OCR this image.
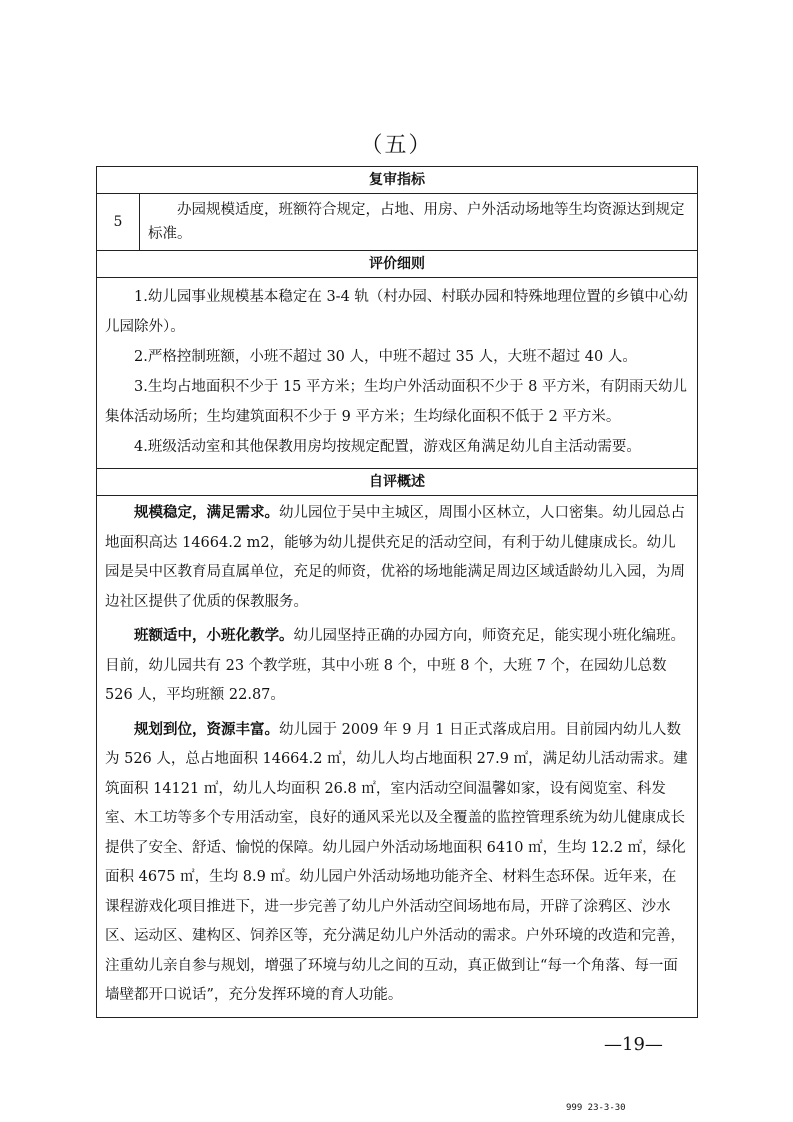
（五）
复审指标
5
办园规模适度，班额符合规定，占地、用房、户外活动场地等生均资源达到规定标准。
评价细则

1.幼儿园事业规模基本稳定在 3-4 轨（村办园、村联办园和特殊地理位置的乡镇中心幼儿园除外）。

2.严格控制班额，小班不超过 30 人，中班不超过 35 人，大班不超过 40 人。

3.生均占地面积不少于 15 平方米；生均户外活动面积不少于 8 平方米，有阴雨天幼儿集体活动场所；生均建筑面积不少于 9 平方米；生均绿化面积不低于 2 平方米。

4.班级活动室和其他保教用房均按规定配置，游戏区角满足幼儿自主活动需要。

自评概述

规模稳定，满足需求。幼儿园位于吴中主城区，周围小区林立，人口密集。幼儿园总占地面积高达 14664.2 m2，能够为幼儿提供充足的活动空间，有利于幼儿健康成长。幼儿园是吴中区教育局直属单位，充足的师资，优裕的场地能满足周边区域适龄幼儿入园，为周边社区提供了优质的保教服务。

班额适中，小班化教学。幼儿园坚持正确的办园方向，师资充足，能实现小班化编班。目前，幼儿园共有 23 个教学班，其中小班 8 个，中班 8 个，大班 7 个，在园幼儿总数 526 人，平均班额 22.87。

规划到位，资源丰富。幼儿园于 2009 年 9 月 1 日正式落成启用。目前园内幼儿人数为 526 人，总占地面积 14664.2 ㎡，幼儿人均占地面积 27.9 ㎡，满足幼儿活动需求。建筑面积 14121 ㎡，幼儿人均面积 26.8 ㎡，室内活动空间温馨如家，设有阅览室、科发室、木工坊等多个专用活动室，良好的通风采光以及全覆盖的监控管理系统为幼儿健康成长提供了安全、舒适、愉悦的保障。幼儿园户外活动场地面积 6410 ㎡，生均 12.2 ㎡，绿化面积 4675 ㎡，生均 8.9 ㎡。幼儿园户外活动场地功能齐全、材料生态环保。近年来，在课程游戏化项目推进下，进一步完善了幼儿户外活动空间场地布局，开辟了涂鸦区、沙水区、运动区、建构区、饲养区等，充分满足幼儿户外活动的需求。户外环境的改造和完善，注重幼儿亲自参与规划，增强了环境与幼儿之间的互动，真正做到让“每一个角落、每一面墙壁都开口说话”，充分发挥环境的育人功能。

—19—
999 23-3-30
